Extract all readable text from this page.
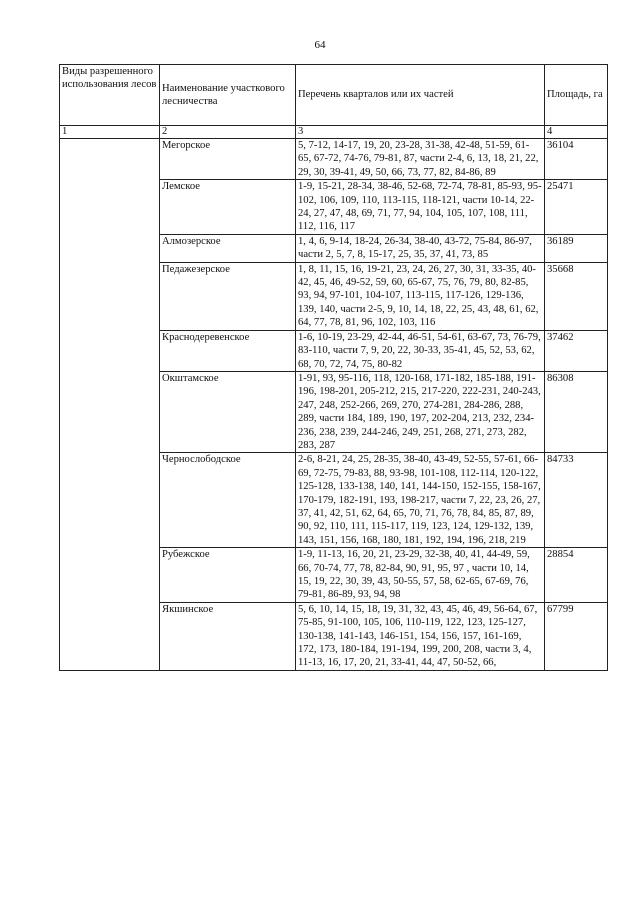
64
Виды разрешенного использования лесов	Наименование участкового лесничества	Перечень кварталов или их частей	Площадь, га
1	2	3	4
	Мегорское	5, 7-12, 14-17, 19, 20, 23-28, 31-38, 42-48, 51-59, 61-65, 67-72, 74-76, 79-81, 87, части 2-4, 6, 13, 18, 21, 22, 29, 30, 39-41, 49, 50, 66, 73, 77, 82, 84-86, 89	36104
	Лемское	1-9, 15-21, 28-34, 38-46, 52-68, 72-74, 78-81, 85-93, 95-102, 106, 109, 110, 113-115, 118-121, части 10-14, 22-24, 27, 47, 48, 69, 71, 77, 94, 104, 105, 107, 108, 111, 112, 116, 117	25471
	Алмозерское	1, 4, 6, 9-14, 18-24, 26-34, 38-40, 43-72, 75-84, 86-97, части 2, 5, 7, 8, 15-17, 25, 35, 37, 41, 73, 85	36189
	Педажезерское	1, 8, 11, 15, 16, 19-21, 23, 24, 26, 27, 30, 31, 33-35, 40-42, 45, 46, 49-52, 59, 60, 65-67, 75, 76, 79, 80, 82-85, 93, 94, 97-101, 104-107, 113-115, 117-126, 129-136, 139, 140, части 2-5, 9, 10, 14, 18, 22, 25, 43, 48, 61, 62, 64, 77, 78, 81, 96, 102, 103, 116	35668
	Краснодеревенское	1-6, 10-19, 23-29, 42-44, 46-51, 54-61, 63-67, 73, 76-79, 83-110, части 7, 9, 20, 22, 30-33, 35-41, 45, 52, 53, 62, 68, 70, 72, 74, 75, 80-82	37462
	Окштамское	1-91, 93, 95-116, 118, 120-168, 171-182, 185-188, 191-196, 198-201, 205-212, 215, 217-220, 222-231, 240-243, 247, 248, 252-266, 269, 270, 274-281, 284-286, 288, 289, части 184, 189, 190, 197, 202-204, 213, 232, 234-236, 238, 239, 244-246, 249, 251, 268, 271, 273, 282, 283, 287	86308
	Чернослободское	2-6, 8-21, 24, 25, 28-35, 38-40, 43-49, 52-55, 57-61, 66-69, 72-75, 79-83, 88, 93-98, 101-108, 112-114, 120-122, 125-128, 133-138, 140, 141, 144-150, 152-155, 158-167, 170-179, 182-191, 193, 198-217, части 7, 22, 23, 26, 27, 37, 41, 42, 51, 62, 64, 65, 70, 71, 76, 78, 84, 85, 87, 89, 90, 92, 110, 111, 115-117, 119, 123, 124, 129-132, 139, 143, 151, 156, 168, 180, 181, 192, 194, 196, 218, 219	84733
	Рубежское	1-9, 11-13, 16, 20, 21, 23-29, 32-38, 40, 41, 44-49, 59, 66, 70-74, 77, 78, 82-84, 90, 91, 95, 97 , части 10, 14, 15, 19, 22, 30, 39, 43, 50-55, 57, 58, 62-65, 67-69, 76, 79-81, 86-89, 93, 94, 98	28854
	Якшинское	5, 6, 10, 14, 15, 18, 19, 31, 32, 43, 45, 46, 49, 56-64, 67, 75-85, 91-100, 105, 106, 110-119, 122, 123, 125-127, 130-138, 141-143, 146-151, 154, 156, 157, 161-169, 172, 173, 180-184, 191-194, 199, 200, 208, части 3, 4, 11-13, 16, 17, 20, 21, 33-41, 44, 47, 50-52, 66,	67799
